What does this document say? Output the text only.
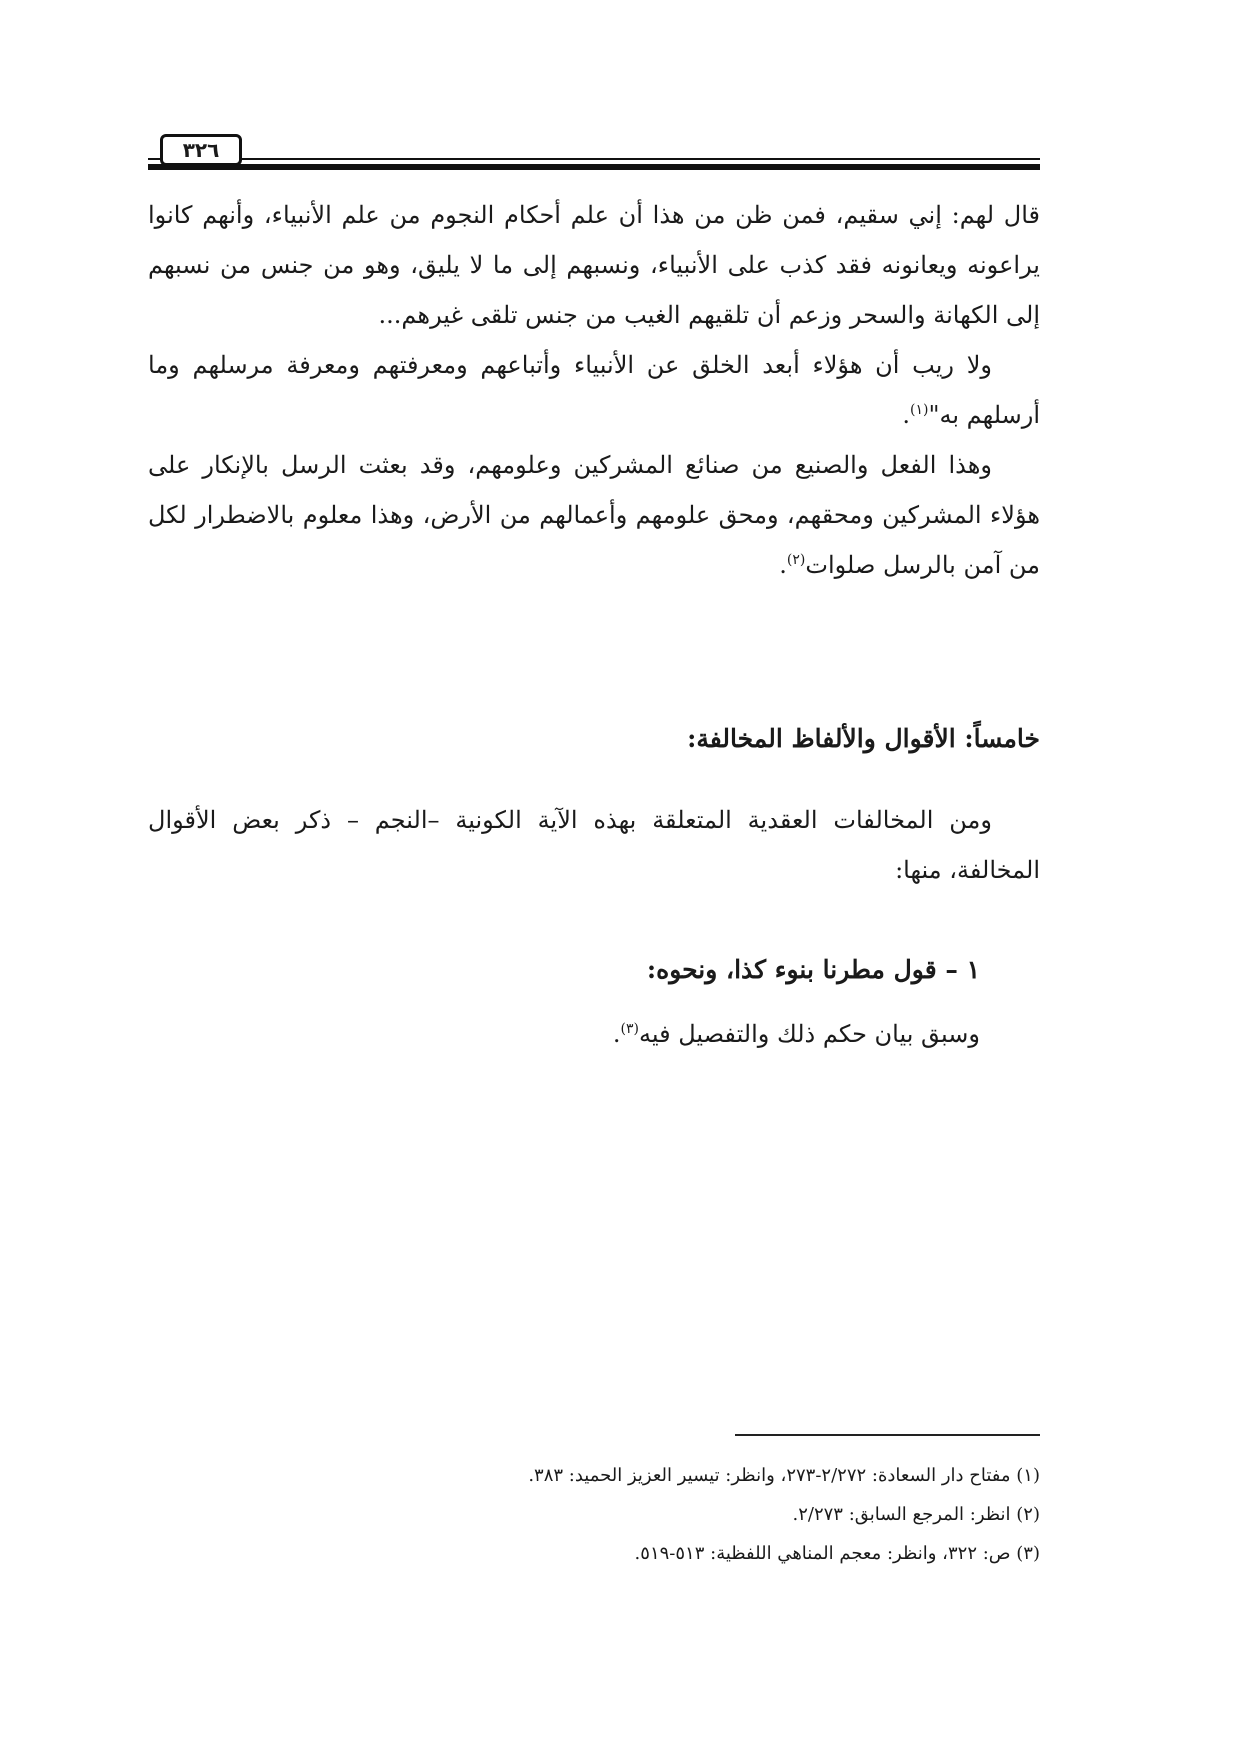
٣٢٦

قال لهم: إني سقيم، فمن ظن من هذا أن علم أحكام النجوم من علم الأنبياء، وأنهم كانوا يراعونه ويعانونه فقد كذب على الأنبياء، ونسبهم إلى ما لا يليق، وهو من جنس من نسبهم إلى الكهانة والسحر وزعم أن تلقيهم الغيب من جنس تلقى غيرهم...

ولا ريب أن هؤلاء أبعد الخلق عن الأنبياء وأتباعهم ومعرفتهم ومعرفة مرسلهم وما أرسلهم به"$^{(١)}$.

وهذا الفعل والصنيع من صنائع المشركين وعلومهم، وقد بعثت الرسل بالإنكار على هؤلاء المشركين ومحقهم، ومحق علومهم وأعمالهم من الأرض، وهذا معلوم بالاضطرار لكل من آمن بالرسل صلوات$^{(٢)}$.

خامساً: الأقوال والألفاظ المخالفة:

ومن المخالفات العقدية المتعلقة بهذه الآية الكونية –النجم – ذكر بعض الأقوال المخالفة، منها:

١ – قول مطرنا بنوء كذا، ونحوه:

وسبق بيان حكم ذلك والتفصيل فيه$^{(٣)}$.

(١) مفتاح دار السعادة: ٢/٢٧٢-٢٧٣، وانظر: تيسير العزيز الحميد: ٣٨٣.

(٢) انظر: المرجع السابق: ٢/٢٧٣.

(٣) ص: ٣٢٢، وانظر: معجم المناهي اللفظية: ٥١٣-٥١٩.
